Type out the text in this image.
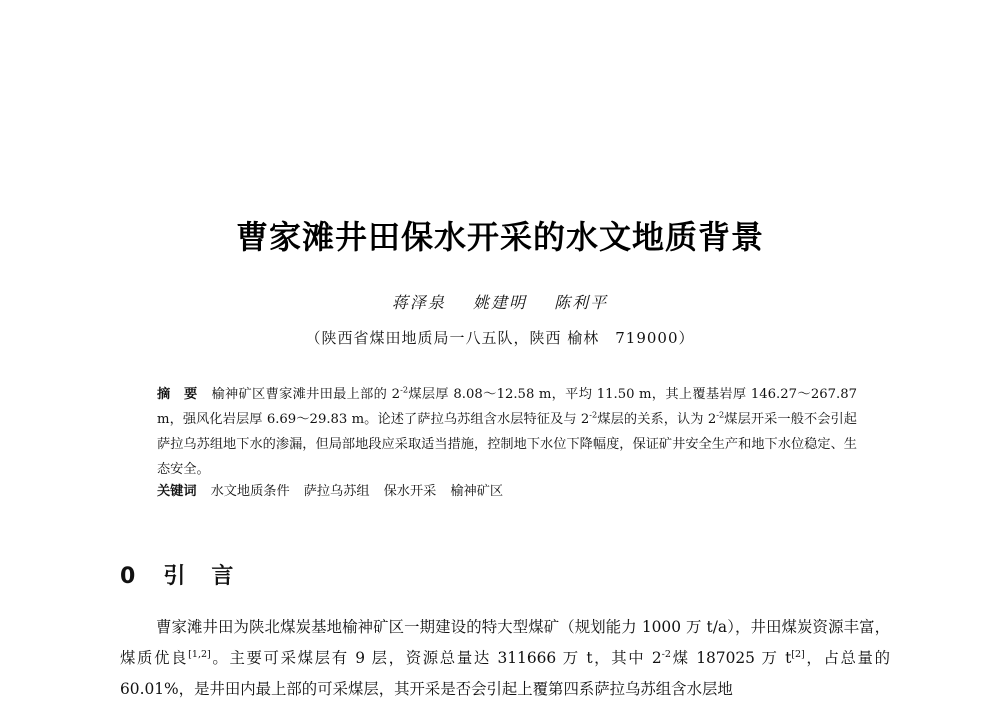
曹家滩井田保水开采的水文地质背景
蒋泽泉 姚建明 陈利平
（陕西省煤田地质局一八五队，陕西 榆林　719000）
摘　要 榆神矿区曹家滩井田最上部的 $2^{-2}$煤层厚 8.08～12.58 m，平均 11.50 m，其上覆基岩厚 146.27～267.87 m，强风化岩层厚 6.69～29.83 m。论述了萨拉乌苏组含水层特征及与 $2^{-2}$煤层的关系，认为 $2^{-2}$煤层开采一般不会引起萨拉乌苏组地下水的渗漏，但局部地段应采取适当措施，控制地下水位下降幅度，保证矿井安全生产和地下水位稳定、生态安全。
关键词 水文地质条件 萨拉乌苏组 保水开采 榆神矿区
0 引言
曹家滩井田为陕北煤炭基地榆神矿区一期建设的特大型煤矿（规划能力 1000 万 t/a），井田煤炭资源丰富，煤质优良[1,2]。主要可采煤层有 9 层，资源总量达 311666 万 t，其中 $2^{-2}$煤 187025 万 t[2]，占总量的 60.01%，是井田内最上部的可采煤层，其开采是否会引起上覆第四系萨拉乌苏组含水层地
